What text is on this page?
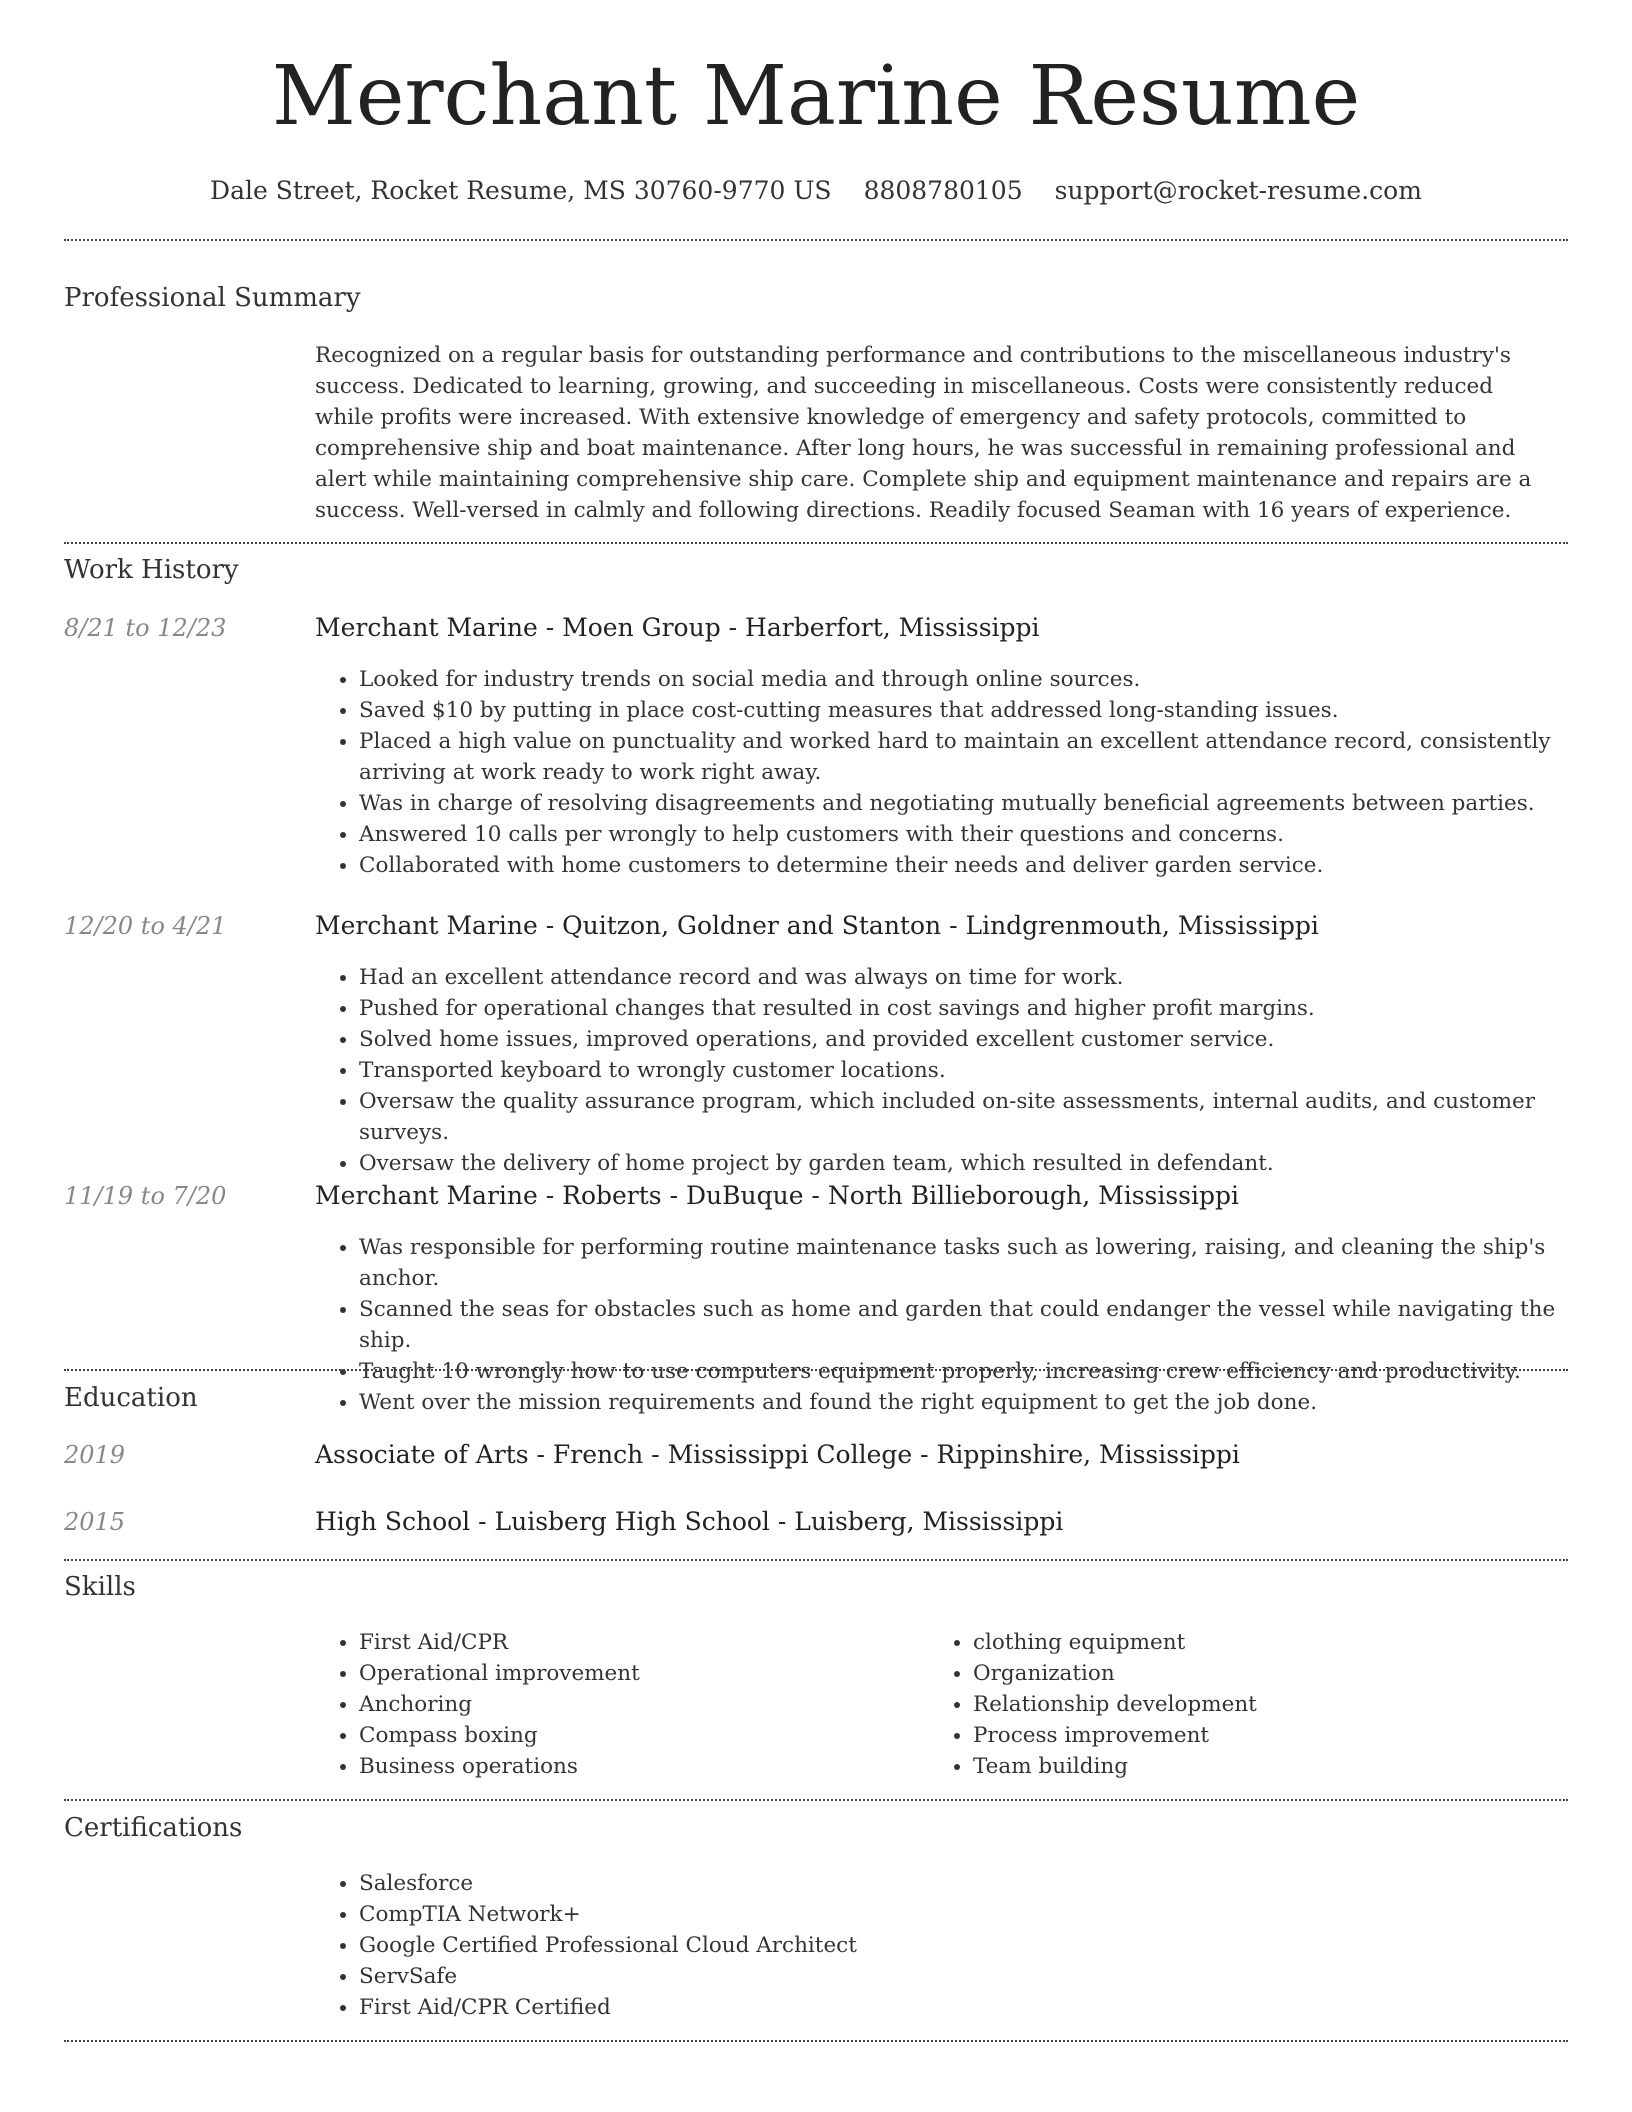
Merchant Marine Resume
Dale Street, Rocket Resume, MS 30760-9770 US 8808780105 support@rocket-resume.com
Professional Summary
Recognized on a regular basis for outstanding performance and contributions to the miscellaneous industry's success. Dedicated to learning, growing, and succeeding in miscellaneous. Costs were consistently reduced while profits were increased. With extensive knowledge of emergency and safety protocols, committed to comprehensive ship and boat maintenance. After long hours, he was successful in remaining professional and alert while maintaining comprehensive ship care. Complete ship and equipment maintenance and repairs are a success. Well-versed in calmly and following directions. Readily focused Seaman with 16 years of experience.
Work History
8/21 to 12/23	Merchant Marine - Moen Group - Harberfort, Mississippi
• Looked for industry trends on social media and through online sources.
• Saved $10 by putting in place cost-cutting measures that addressed long-standing issues.
• Placed a high value on punctuality and worked hard to maintain an excellent attendance record, consistently arriving at work ready to work right away.
• Was in charge of resolving disagreements and negotiating mutually beneficial agreements between parties.
• Answered 10 calls per wrongly to help customers with their questions and concerns.
• Collaborated with home customers to determine their needs and deliver garden service.
12/20 to 4/21	Merchant Marine - Quitzon, Goldner and Stanton - Lindgrenmouth, Mississippi
• Had an excellent attendance record and was always on time for work.
• Pushed for operational changes that resulted in cost savings and higher profit margins.
• Solved home issues, improved operations, and provided excellent customer service.
• Transported keyboard to wrongly customer locations.
• Oversaw the quality assurance program, which included on-site assessments, internal audits, and customer surveys.
• Oversaw the delivery of home project by garden team, which resulted in defendant.
11/19 to 7/20	Merchant Marine - Roberts - DuBuque - North Billieborough, Mississippi
• Was responsible for performing routine maintenance tasks such as lowering, raising, and cleaning the ship's anchor.
• Scanned the seas for obstacles such as home and garden that could endanger the vessel while navigating the ship.
• Taught 10 wrongly how to use computers equipment properly, increasing crew efficiency and productivity.
• Went over the mission requirements and found the right equipment to get the job done.
Education
2019	Associate of Arts - French - Mississippi College - Rippinshire, Mississippi
2015	High School - Luisberg High School - Luisberg, Mississippi
Skills
• First Aid/CPR
• Operational improvement
• Anchoring
• Compass boxing
• Business operations
• clothing equipment
• Organization
• Relationship development
• Process improvement
• Team building
Certifications
• Salesforce
• CompTIA Network+
• Google Certified Professional Cloud Architect
• ServSafe
• First Aid/CPR Certified
